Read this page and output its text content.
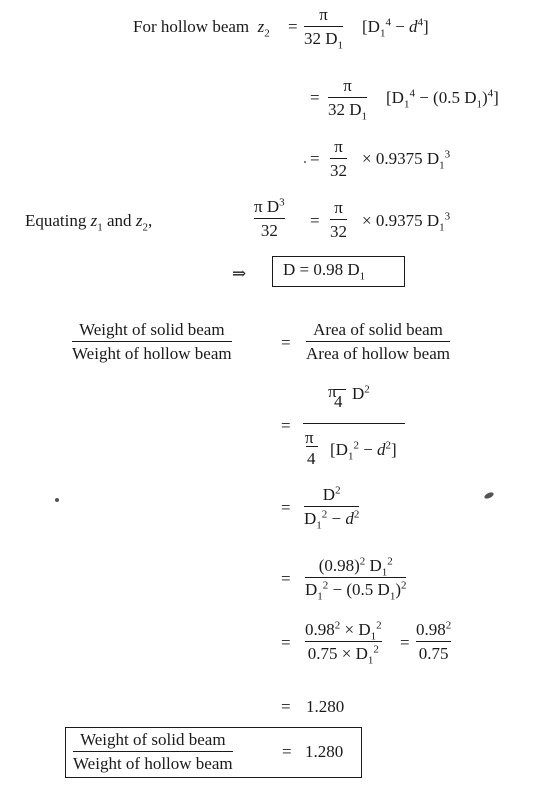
For hollow beam $z_2$ =
π
32 $D_1$
$[D_1^4 - d^4]$
=
π
32 $D_1$
[$D_1^4 - (0.5$ $D_1)^4$]
=
π
32
× 0.9375 $D_1^3$
Equating $z_1$ and $z_2$,
π $D^3$
32
=
π
32
× 0.9375 $D_1^3$
⇒ D = 0.98 $D_1$
Weight of solid beam
Weight of hollow beam
=
Area of solid beam
Area of hollow beam
=
π
4 $D^2$
π
4 $[D_1^2 - d^2]$
=
$D^2$
$D_1^2 - d^2$
=
$(0.98)^2$ $D_1^2$
$D_1^2 - (0.5$ $D_1)^2$
=
$0.98^2 \times D_1^2$
$0.75 \times D_1^2$ =
$0.98^2$
0.75
= 1.280
Weight of solid beam
Weight of hollow beam
= 1.280
